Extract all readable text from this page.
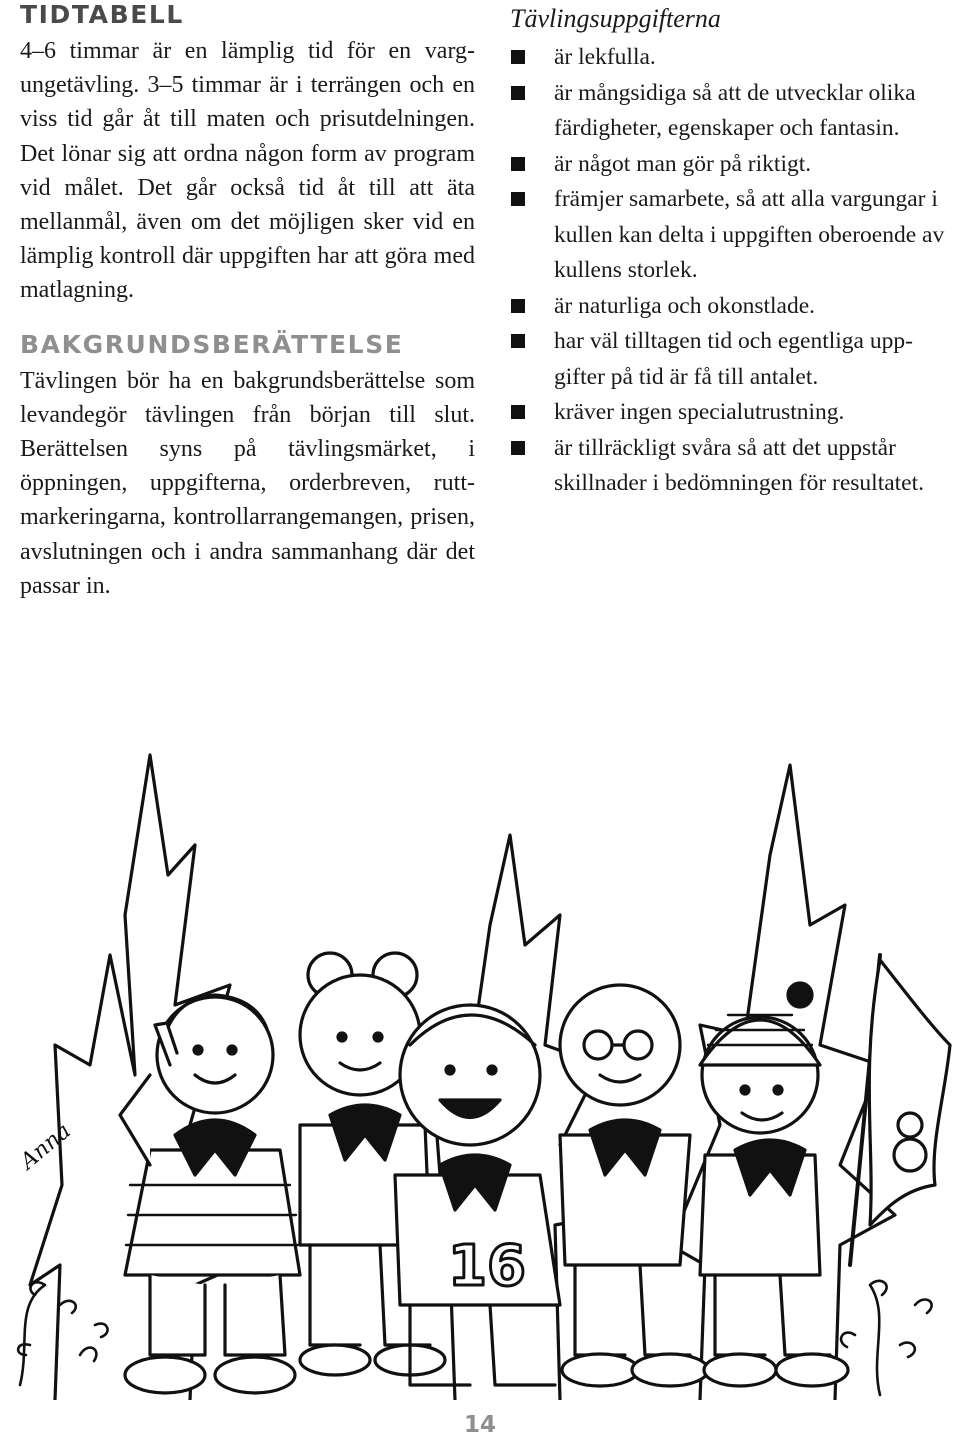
TIDTABELL

4–6 timmar är en lämplig tid för en vargungetävling. 3–5 timmar är i terrängen och en viss tid går åt till maten och prisutdelningen. Det lönar sig att ordna någon form av program vid målet. Det går också tid åt till att äta mellanmål, även om det möjligen sker vid en lämplig kontroll där uppgiften har att göra med matlagning.

BAKGRUNDSBERÄTTELSE

Tävlingen bör ha en bakgrundsberättelse som levandegör tävlingen från början till slut. Berättelsen syns på tävlingsmärket, i öppningen, uppgifterna, orderbreven, ruttmarkeringarna, kontrollarrangemangen, prisen, avslutningen och i andra sammanhang där det passar in.

Tävlingsuppgifterna
är lekfulla.
är mångsidiga så att de utvecklar olika färdigheter, egenskaper och fantasin.
är något man gör på riktigt.
främjer samarbete, så att alla vargungar i kullen kan delta i uppgiften oberoende av kullens storlek.
är naturliga och okonstlade.
har väl tilltagen tid och egentliga uppgifter på tid är få till antalet.
kräver ingen specialutrustning.
är tillräckligt svåra så att det uppstår skillnader i bedömningen för resultatet.
Anna
16
14
